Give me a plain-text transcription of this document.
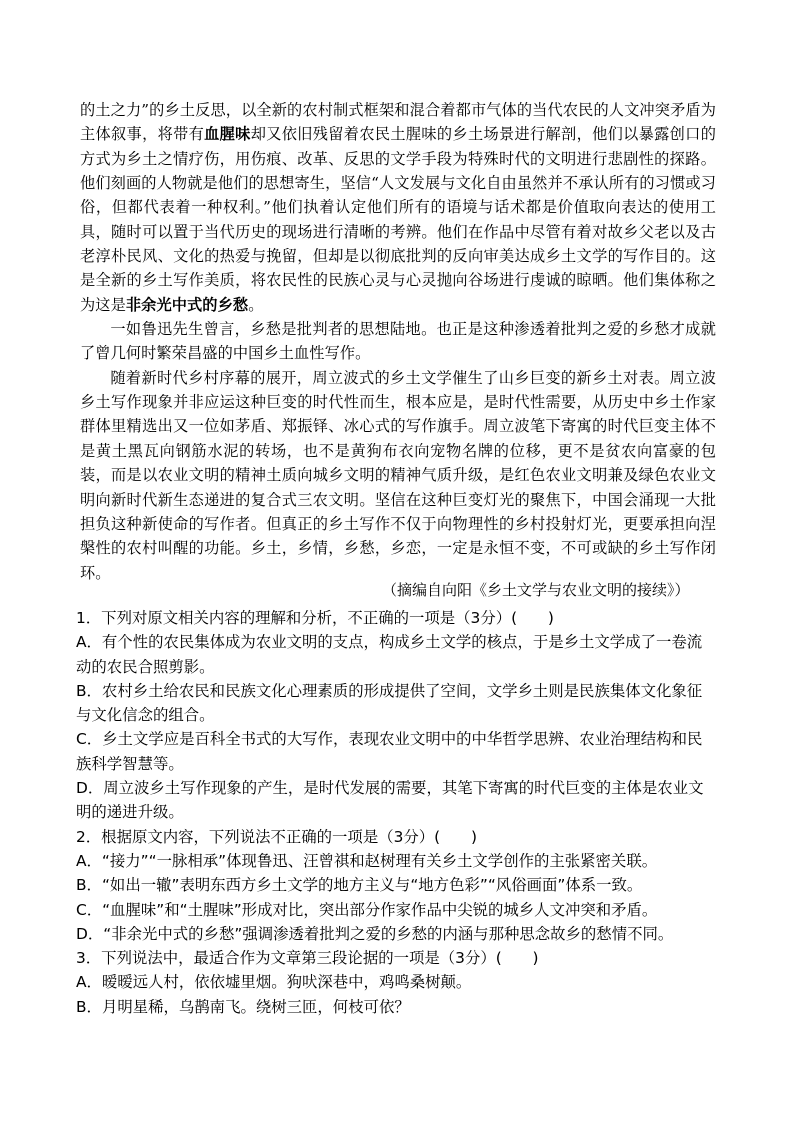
的土之力”的乡土反思，以全新的农村制式框架和混合着都市气体的当代农民的人文冲突矛盾为主体叙事，将带有血腥味却又依旧残留着农民土腥味的乡土场景进行解剖，他们以暴露创口的方式为乡土之情疗伤，用伤痕、改革、反思的文学手段为特殊时代的文明进行悲剧性的探路。他们刻画的人物就是他们的思想寄生，坚信“人文发展与文化自由虽然并不承认所有的习惯或习俗，但都代表着一种权利。”他们执着认定他们所有的语境与话术都是价值取向表达的使用工具，随时可以置于当代历史的现场进行清晰的考辨。他们在作品中尽管有着对故乡父老以及古老淳朴民风、文化的热爱与挽留，但却是以彻底批判的反向审美达成乡土文学的写作目的。这是全新的乡土写作美质，将农民性的民族心灵与心灵抛向谷场进行虔诚的晾晒。他们集体称之为这是非余光中式的乡愁。

一如鲁迅先生曾言，乡愁是批判者的思想陆地。也正是这种渗透着批判之爱的乡愁才成就了曾几何时繁荣昌盛的中国乡土血性写作。

随着新时代乡村序幕的展开，周立波式的乡土文学催生了山乡巨变的新乡土对表。周立波乡土写作现象并非应运这种巨变的时代性而生，根本应是，是时代性需要，从历史中乡土作家群体里精选出又一位如茅盾、郑振铎、冰心式的写作旗手。周立波笔下寄寓的时代巨变主体不是黄土黑瓦向钢筋水泥的转场，也不是黄狗布衣向宠物名牌的位移，更不是贫农向富豪的包装，而是以农业文明的精神土质向城乡文明的精神气质升级，是红色农业文明兼及绿色农业文明向新时代新生态递进的复合式三农文明。坚信在这种巨变灯光的聚焦下，中国会涌现一大批担负这种新使命的写作者。但真正的乡土写作不仅于向物理性的乡村投射灯光，更要承担向涅槃性的农村叫醒的功能。乡土，乡情，乡愁，乡恋，一定是永恒不变，不可或缺的乡土写作闭环。

（摘编自向阳《乡土文学与农业文明的接续》）

1．下列对原文相关内容的理解和分析，不正确的一项是（3分）(　　)

A．有个性的农民集体成为农业文明的支点，构成乡土文学的核点，于是乡土文学成了一卷流动的农民合照剪影。

B．农村乡土给农民和民族文化心理素质的形成提供了空间，文学乡土则是民族集体文化象征与文化信念的组合。

C．乡土文学应是百科全书式的大写作，表现农业文明中的中华哲学思辨、农业治理结构和民族科学智慧等。

D．周立波乡土写作现象的产生，是时代发展的需要，其笔下寄寓的时代巨变的主体是农业文明的递进升级。

2．根据原文内容，下列说法不正确的一项是（3分）(　　)

A．“接力”“一脉相承”体现鲁迅、汪曾祺和赵树理有关乡土文学创作的主张紧密关联。

B．“如出一辙”表明东西方乡土文学的地方主义与“地方色彩”“风俗画面”体系一致。

C．“血腥味”和“土腥味”形成对比，突出部分作家作品中尖锐的城乡人文冲突和矛盾。

D．“非余光中式的乡愁”强调渗透着批判之爱的乡愁的内涵与那种思念故乡的愁情不同。

3．下列说法中，最适合作为文章第三段论据的一项是（3分）(　　)

A．暧暧远人村，依依墟里烟。狗吠深巷中，鸡鸣桑树颠。

B．月明星稀，乌鹊南飞。绕树三匝，何枝可依？
